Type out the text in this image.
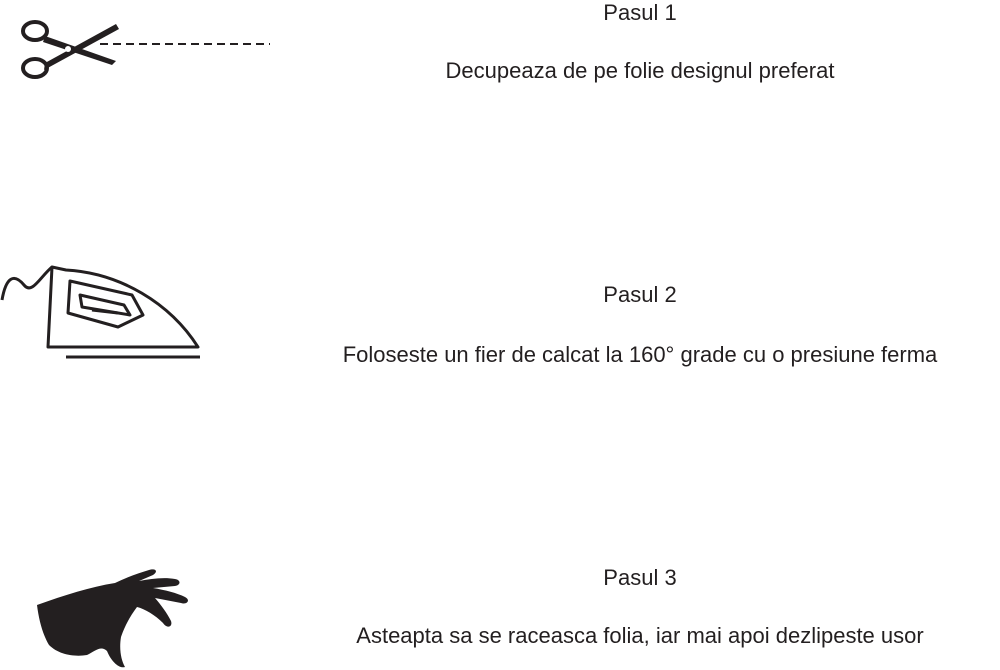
Pasul 1

Decupeaza de pe folie designul preferat

Pasul 2

Foloseste un fier de calcat la 160° grade cu o presiune ferma

Pasul 3

Asteapta sa se raceasca folia, iar mai apoi dezlipeste usor
